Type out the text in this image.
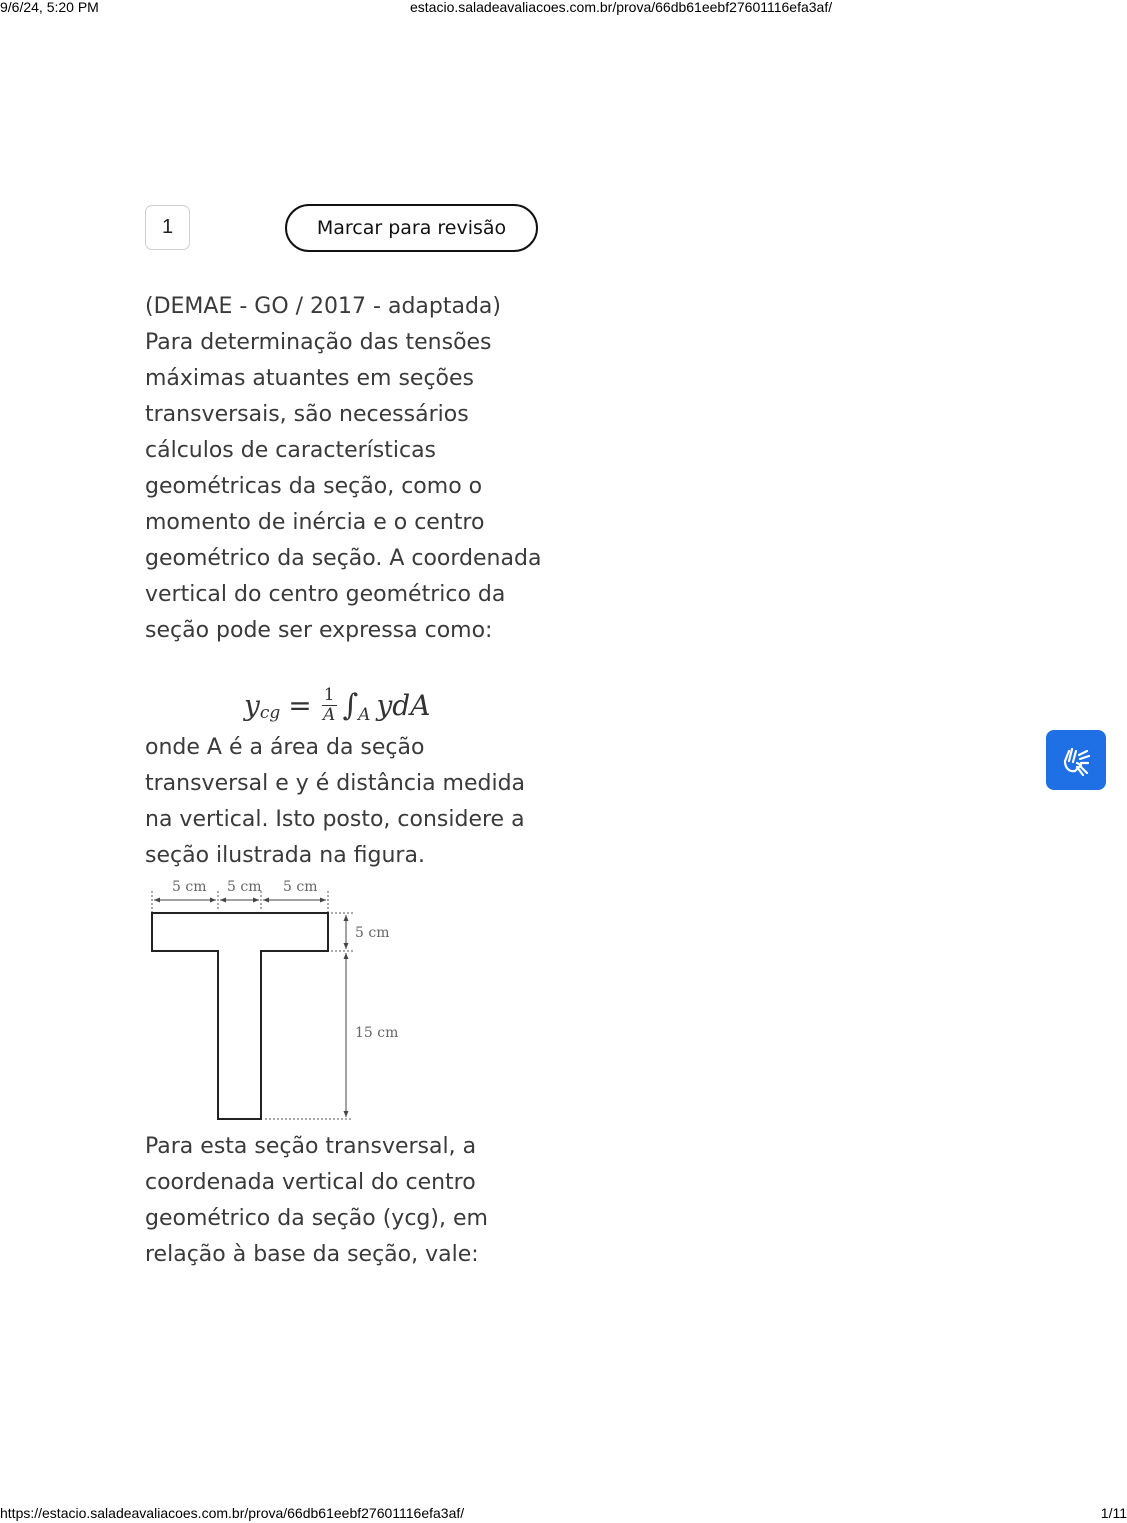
9/6/24, 5:20 PM	estacio.saladeavaliacoes.com.br/prova/66db61eebf27601116efa3af/
1	Marcar para revisão

(DEMAE - GO / 2017 - adaptada) Para determinação das tensões máximas atuantes em seções transversais, são necessários cálculos de características geométricas da seção, como o momento de inércia e o centro geométrico da seção. A coordenada vertical do centro geométrico da seção pode ser expressa como:

y cg = $\frac{1}{A}$ ∫ A ydA

onde A é a área da seção transversal e y é distância medida na vertical. Isto posto, considere a seção ilustrada na figura.

5 cm 5 cm 5 cm
5 cm
15 cm

Para esta seção transversal, a coordenada vertical do centro geométrico da seção (ycg), em relação à base da seção, vale:

https://estacio.saladeavaliacoes.com.br/prova/66db61eebf27601116efa3af/	1/11
